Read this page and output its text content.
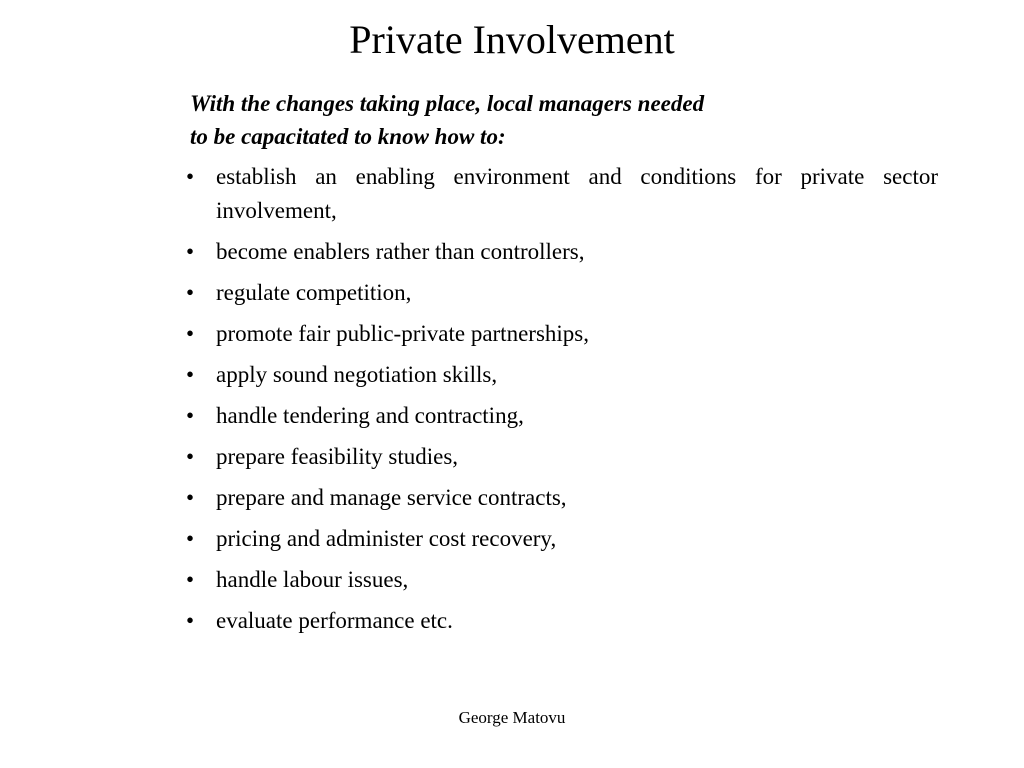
Private Involvement
With the changes taking place, local managers needed
to be capacitated to know how to:
• establish an enabling environment and conditions for private sector involvement,
• become enablers rather than controllers,
• regulate competition,
• promote fair public-private partnerships,
• apply sound negotiation skills,
• handle tendering and contracting,
• prepare feasibility studies,
• prepare and manage service contracts,
• pricing and administer cost recovery,
• handle labour issues,
• evaluate performance etc.
George Matovu
